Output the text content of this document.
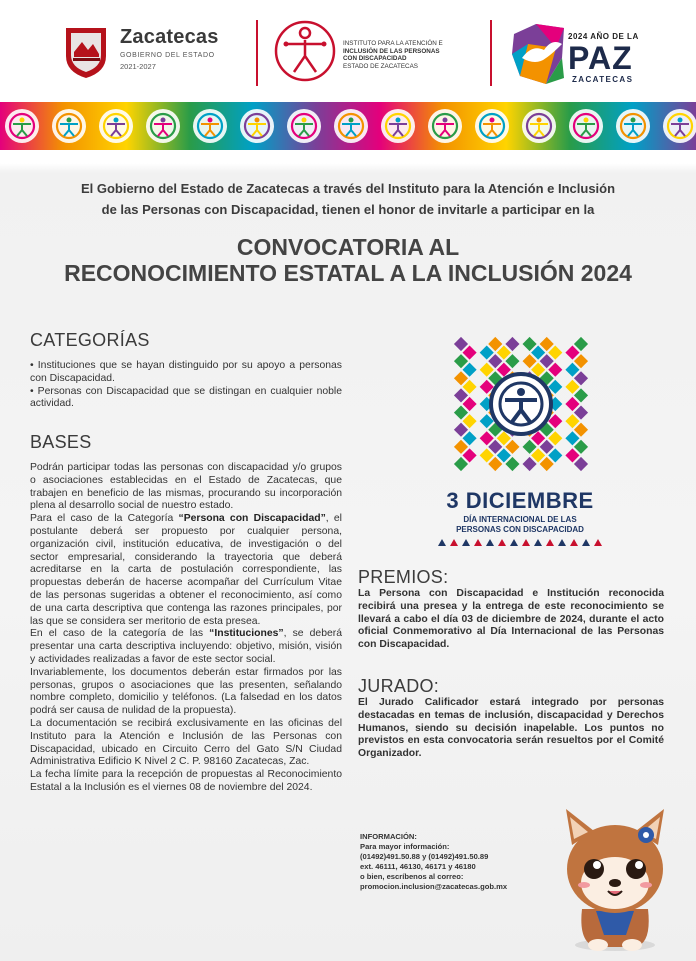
Zacatecas
GOBIERNO DEL ESTADO
2021-2027
INSTITUTO PARA LA ATENCIÓN E
INCLUSIÓN DE LAS PERSONAS
CON DISCAPACIDAD
ESTADO DE ZACATECAS
2024 AÑO DE LA
PAZ
ZACATECAS
El Gobierno del Estado de Zacatecas a través del Instituto para la Atención e Inclusión
de las Personas con Discapacidad, tienen el honor de invitarle a participar en la
CONVOCATORIA AL
RECONOCIMIENTO ESTATAL A LA INCLUSIÓN 2024
CATEGORÍAS
• Instituciones que se hayan distinguido por su apoyo a personas con Discapacidad.
• Personas con Discapacidad que se distingan en cualquier noble actividad.
BASES

Podrán participar todas las personas con discapacidad y/o grupos o asociaciones establecidas en el Estado de Zacatecas, que trabajen en beneficio de las mismas, procurando su incorporación plena al desarrollo social de nuestro estado.

Para el caso de la Categoría “Persona con Discapacidad”, el postulante deberá ser propuesto por cualquier persona, organización civil, institución educativa, de investigación o del sector empresarial, considerando la trayectoria que deberá acreditarse en la carta de postulación correspondiente, las propuestas deberán de hacerse acompañar del Currículum Vitae de las personas sugeridas a obtener el reconocimiento, así como de una carta descriptiva que contenga las razones principales, por las que se considera ser meritorio de esta presea.

En el caso de la categoría de las “Instituciones”, se deberá presentar una carta descriptiva incluyendo: objetivo, misión, visión y actividades realizadas a favor de este sector social.

Invariablemente, los documentos deberán estar firmados por las personas, grupos o asociaciones que las presenten, señalando nombre completo, domicilio y teléfonos. (La falsedad en los datos podrá ser causa de nulidad de la propuesta).

La documentación se recibirá exclusivamente en las oficinas del Instituto para la Atención e Inclusión de las Personas con Discapacidad, ubicado en Circuito Cerro del Gato S/N Ciudad Administrativa Edificio K Nivel 2 C. P. 98160 Zacatecas, Zac.

La fecha límite para la recepción de propuestas al Reconocimiento Estatal a la Inclusión es el viernes 08 de noviembre del 2024.

3 DICIEMBRE
DÍA INTERNACIONAL DE LAS
PERSONAS CON DISCAPACIDAD
PREMIOS:
La Persona con Discapacidad e Institución reconocida recibirá una presea y la entrega de este reconocimiento se llevará a cabo el día 03 de diciembre de 2024, durante el acto oficial Conmemorativo al Día Internacional de las Personas con Discapacidad.
JURADO:
El Jurado Calificador estará integrado por personas destacadas en temas de inclusión, discapacidad y Derechos Humanos, siendo su decisión inapelable. Los puntos no previstos en esta convocatoria serán resueltos por el Comité Organizador.
INFORMACIÓN:
Para mayor información:
(01492)491.50.88 y (01492)491.50.89
ext. 46111, 46130, 46171 y 46180
o bien, escríbenos al correo:
promocion.inclusion@zacatecas.gob.mx
